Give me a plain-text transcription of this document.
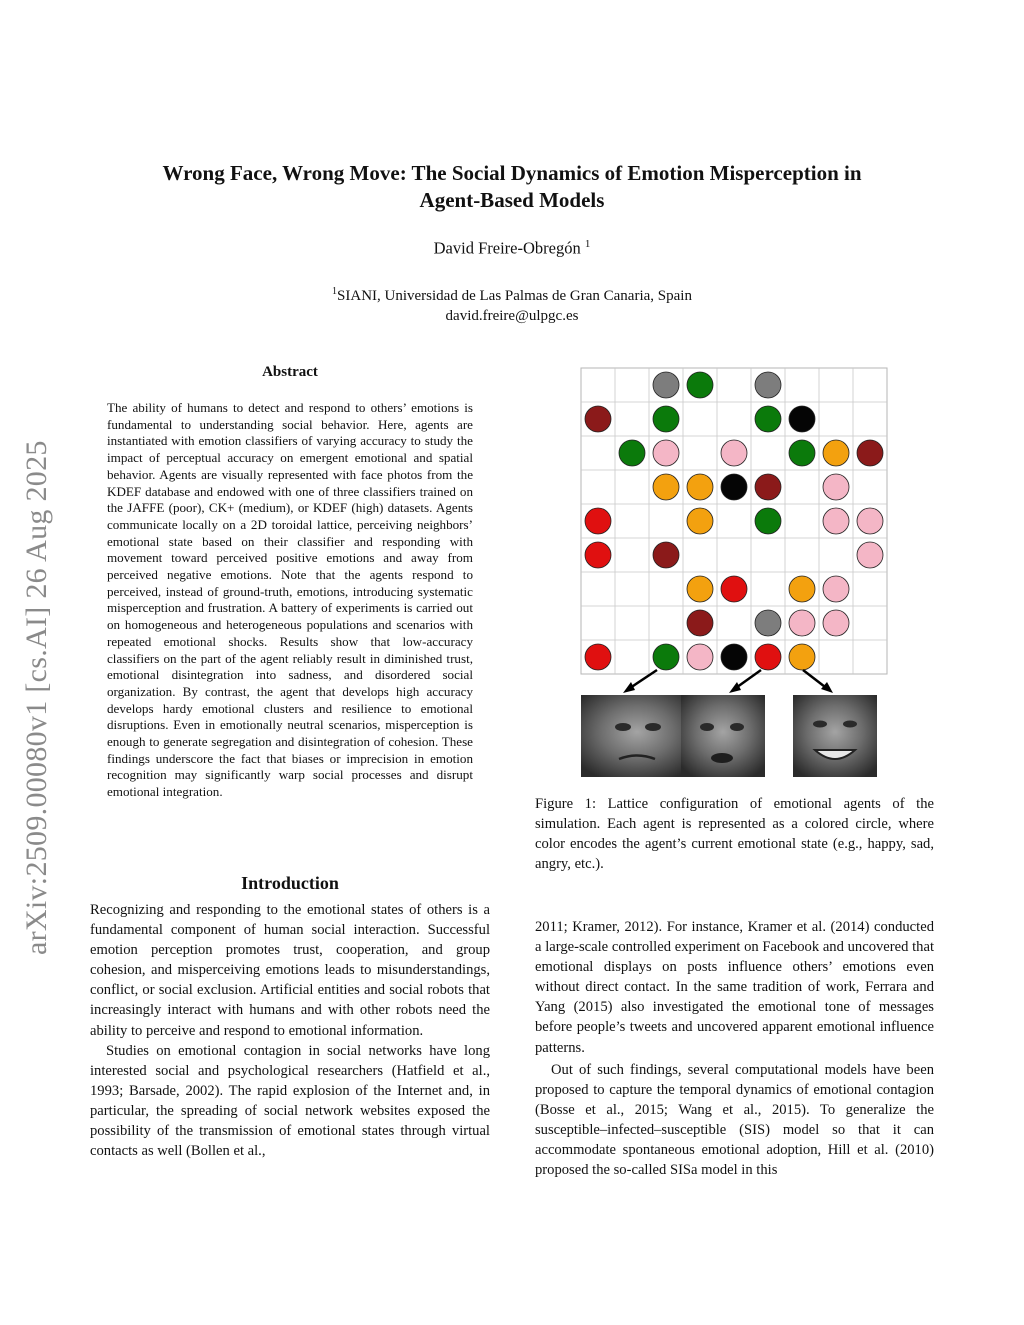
arXiv:2509.00080v1 [cs.AI] 26 Aug 2025
Wrong Face, Wrong Move: The Social Dynamics of Emotion Misperception in
Agent-Based Models
David Freire-Obregón $^1$
$^1$SIANI, Universidad de Las Palmas de Gran Canaria, Spain
david.freire@ulpgc.es
Abstract
The ability of humans to detect and respond to others’ emotions is fundamental to understanding social behavior. Here, agents are instantiated with emotion classifiers of varying accuracy to study the impact of perceptual accuracy on emergent emotional and spatial behavior. Agents are visually represented with face photos from the KDEF database and endowed with one of three classifiers trained on the JAFFE (poor), CK+ (medium), or KDEF (high) datasets. Agents communicate locally on a 2D toroidal lattice, perceiving neighbors’ emotional state based on their classifier and responding with movement toward perceived positive emotions and away from perceived negative emotions. Note that the agents respond to perceived, instead of ground-truth, emotions, introducing systematic misperception and frustration. A battery of experiments is carried out on homogeneous and heterogeneous populations and scenarios with repeated emotional shocks. Results show that low-accuracy classifiers on the part of the agent reliably result in diminished trust, emotional disintegration into sadness, and disordered social organization. By contrast, the agent that develops high accuracy develops hardy emotional clusters and resilience to emotional disruptions. Even in emotionally neutral scenarios, misperception is enough to generate segregation and disintegration of cohesion. These findings underscore the fact that biases or imprecision in emotion recognition may significantly warp social processes and disrupt emotional integration.
Introduction

Recognizing and responding to the emotional states of others is a fundamental component of human social interaction. Successful emotion perception promotes trust, cooperation, and group cohesion, and misperceiving emotions leads to misunderstandings, conflict, or social exclusion. Artificial entities and social robots that increasingly interact with humans and with other robots need the ability to perceive and respond to emotional information.

Studies on emotional contagion in social networks have long interested social and psychological researchers (Hatfield et al., 1993; Barsade, 2002). The rapid explosion of the Internet and, in particular, the spreading of social network websites exposed the possibility of the transmission of emotional states through virtual contacts as well (Bollen et al.,

Figure 1: Lattice configuration of emotional agents of the simulation. Each agent is represented as a colored circle, where color encodes the agent’s current emotional state (e.g., happy, sad, angry, etc.).

2011; Kramer, 2012). For instance, Kramer et al. (2014) conducted a large-scale controlled experiment on Facebook and uncovered that emotional displays on posts influence others’ emotions even without direct contact. In the same tradition of work, Ferrara and Yang (2015) also investigated the emotional tone of messages before people’s tweets and uncovered apparent emotional influence patterns.

Out of such findings, several computational models have been proposed to capture the temporal dynamics of emotional contagion (Bosse et al., 2015; Wang et al., 2015). To generalize the susceptible–infected–susceptible (SIS) model so that it can accommodate spontaneous emotional adoption, Hill et al. (2010) proposed the so-called SISa model in this
